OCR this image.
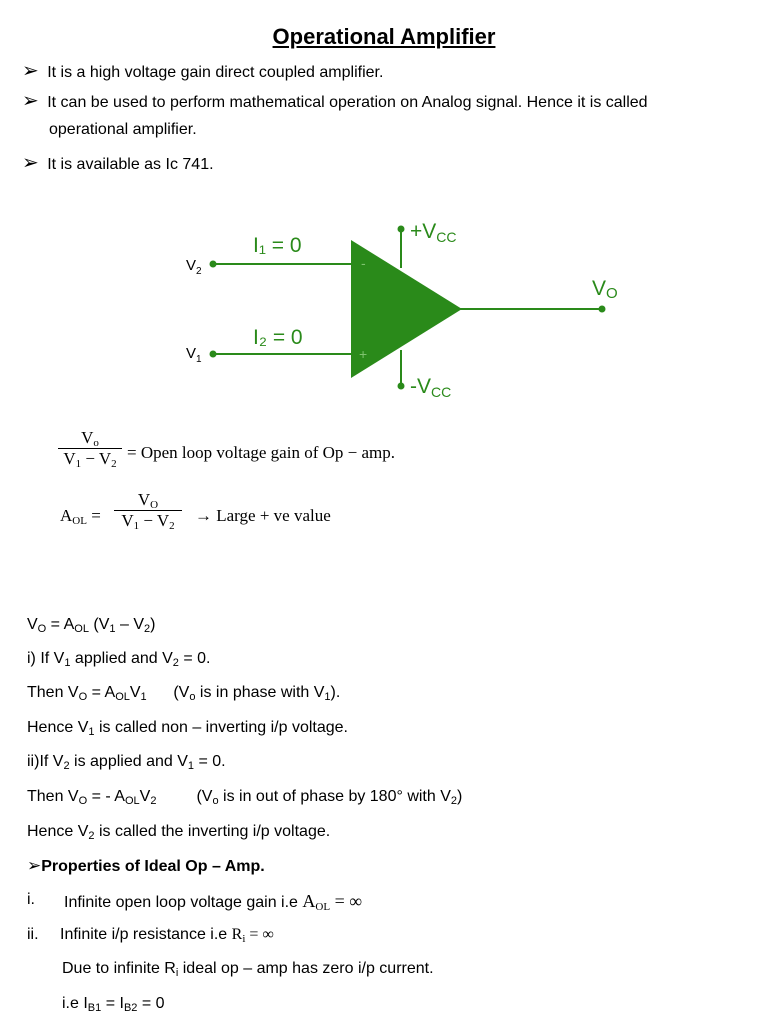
Operational Amplifier
➢ It is a high voltage gain direct coupled amplifier.
➢ It can be used to perform mathematical operation on Analog signal. Hence it is called
operational amplifier.
➢ It is available as Ic 741.
-
+
I₁ = 0
I₂ = 0
$V_2$
$V_1$
+VCC
-VCC
VO
$V_o$
$V_1 - V_2$
= Open loop voltage gain of Op − amp.
$A_{OL}$ =
$V_O$
$V_1 - V_2$
→ Large + ve value
$V_O = A_{OL}$ $(V_1 - V_2)$
i) If $V_1$ applied and $V_2 = 0$.
Then $V_O = A_{OL}V_1$      ($V_o$ is in phase with $V_1$).
Hence $V_1$ is called non – inverting i/p voltage.
ii)If $V_2$ is applied and $V_1 = 0$.
Then $V_O$ = - $A_{OL}V_2$         ($V_o$ is in out of phase by 180° with $V_2$)
Hence $V_2$ is called the inverting i/p voltage.
➢Properties of Ideal Op – Amp.
i. Infinite open loop voltage gain i.e $A_{OL}$ = ∞
ii. Infinite i/p resistance i.e $R_i$ = ∞
Due to infinite $R_i$ ideal op – amp has zero i/p current.
i.e $I_{B1} = I_{B2} = 0$
